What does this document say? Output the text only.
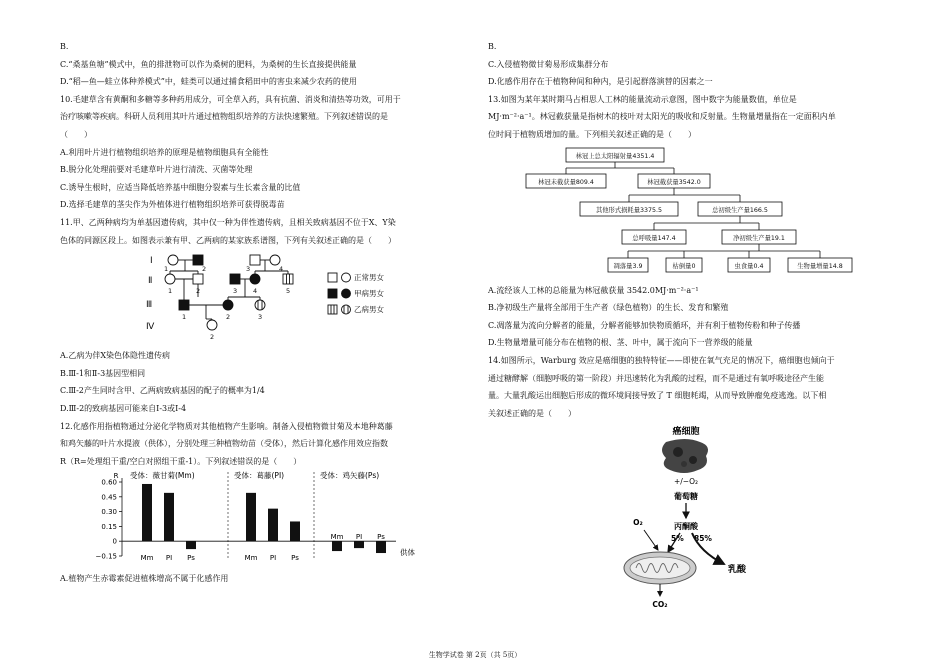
B.
C.“桑基鱼塘”模式中，鱼的排泄物可以作为桑树的肥料，为桑树的生长直接提供能量
D.“稻—鱼—蛙立体种养模式”中，蛙类可以通过捕食稻田中的害虫来减少农药的使用
10.毛建草含有黄酮和多糖等多种药用成分，可全草入药，具有抗菌、消炎和清热等功效，可用于
治疗咳嗽等疾病。科研人员利用其叶片通过植物组织培养的方法快速繁殖。下列叙述错误的是
（　　）
A.利用叶片进行植物组织培养的原理是植物细胞具有全能性
B.脱分化处理前要对毛建草叶片进行清洗、灭菌等处理
C.诱导生根时，应适当降低培养基中细胞分裂素与生长素含量的比值
D.选择毛建草的茎尖作为外植体进行植物组织培养可获得脱毒苗
11.甲、乙两种病均为单基因遗传病，其中仅一种为伴性遗传病，且相关致病基因不位于X、Y染
色体的同源区段上。如图表示兼有甲、乙两病的某家族系谱图，下列有关叙述正确的是（　　）
Ⅰ
Ⅱ
Ⅲ
Ⅳ
1	2	3	4
1	2	3 4	5
1	2	3
2
正常男女
甲病男女
乙病男女
A.乙病为伴X染色体隐性遗传病
B.Ⅲ-1和Ⅱ-3基因型相同
C.Ⅲ-2产生同时含甲、乙两病致病基因的配子的概率为1/4
D.Ⅲ-2的致病基因可能来自Ⅰ-3或Ⅰ-4
12.化感作用指植物通过分泌化学物质对其他植物产生影响。制备入侵植物微甘菊及本地种葛藤
和鸡矢藤的叶片水提液（供体），分别处理三种植物幼苗（受体），然后计算化感作用效应指数
R（R=处理组干重/空白对照组干重-1）。下列叙述错误的是（　　）
R
0.60
0.45
0.30
0.15
0
−0.15	供体
受体：薇甘菊(Mm)
Mm PI Ps
受体：葛藤(PI)
Mm PI Ps
受体：鸡矢藤(Ps)
Mm PI Ps
A.植物产生赤霉素促进植株增高不属于化感作用
B.
C.入侵植物微甘菊易形成集群分布
D.化感作用存在于植物种间和种内，是引起群落演替的因素之一
13.如图为某年某时期马占相思人工林的能量流动示意图，图中数字为能量数值，单位是
MJ·m⁻²·a⁻¹。林冠截获量是指树木的枝叶对太阳光的吸收和反射量。生物量增量指在一定面积内单
位时间于植物质增加的量。下列相关叙述正确的是（　　）
林冠上总太阳辐射量4351.4
林冠未截获量809.4	林冠截获量3542.0
其他形式损耗量3375.5	总初级生产量166.5
总呼吸量147.4	净初级生产量19.1
凋落量3.9	枯倒量0	虫食量0.4	生物量增量14.8
A.流经该人工林的总能量为林冠截获量 3542.0MJ·m⁻²·a⁻¹
B.净初级生产量将全部用于生产者（绿色植物）的生长、发育和繁殖
C.凋落量为流向分解者的能量，分解者能够加快物质循环，并有利于植物传粉和种子传播
D.生物量增量可能分布在植物的根、茎、叶中，属于流向下一营养级的能量
14.如图所示，Warburg 效应是癌细胞的独特特征——即使在氧气充足的情况下，癌细胞也倾向于
通过糖酵解（细胞呼吸的第一阶段）并迅速转化为乳酸的过程，而不是通过有氧呼吸途径产生能
量。大量乳酸运出细胞后形成的微环境间接导致了 T 细胞耗竭，从而导致肿瘤免疫逃逸。以下相
关叙述正确的是（　　）
癌细胞
+/−O₂
葡萄糖
丙酮酸
O₂
5% 85%
乳酸
CO₂
生物学试卷 第 2页（共 5页）
